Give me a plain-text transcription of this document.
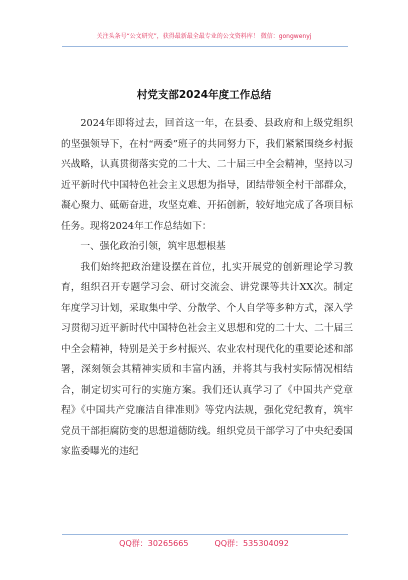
关注头条号“公文研究”，获得最新最全最专业的公文资料库！ 微信：gongwenyj
村党支部2024年度工作总结

2024年即将过去，回首这一年，在县委、县政府和上级党组织的坚强领导下，在村“两委”班子的共同努力下，我们紧紧围绕乡村振兴战略，认真贯彻落实党的二十大、二十届三中全会精神，坚持以习近平新时代中国特色社会主义思想为指导，团结带领全村干部群众，凝心聚力、砥砺奋进，攻坚克难、开拓创新，较好地完成了各项目标任务。现将2024年工作总结如下：

一、强化政治引领，筑牢思想根基

我们始终把政治建设摆在首位，扎实开展党的创新理论学习教育，组织召开专题学习会、研讨交流会、讲党课等共计XX次。制定年度学习计划，采取集中学、分散学、个人自学等多种方式，深入学习贯彻习近平新时代中国特色社会主义思想和党的二十大、二十届三中全会精神，特别是关于乡村振兴、农业农村现代化的重要论述和部署，深刻领会其精神实质和丰富内涵，并将其与我村实际情况相结合，制定切实可行的实施方案。我们还认真学习了《中国共产党章程》《中国共产党廉洁自律准则》等党内法规，强化党纪教育，筑牢党员干部拒腐防变的思想道德防线。组织党员干部学习了中央纪委国家监委曝光的违纪

QQ群：30265665	QQ群：535304092
